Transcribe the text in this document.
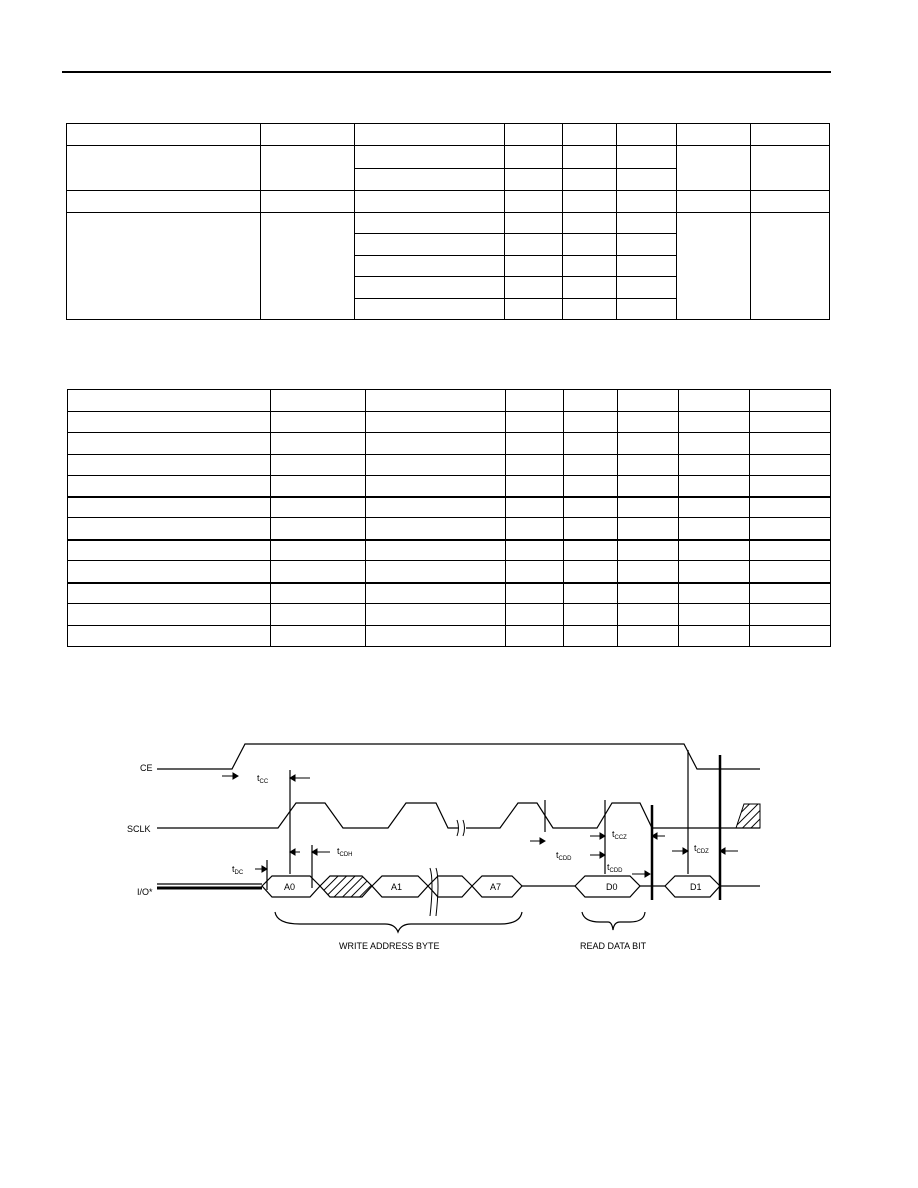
CE
SCLK
I/O*
$t_{CC}$
$t_{DC}$
$t_{CDH}$	$t_{CDD}$
$t_{CCZ}$
$t_{CDD}$
$t_{CDZ}$
A0	A1	A7	D0	D1
WRITE ADDRESS BYTE	READ DATA BIT
